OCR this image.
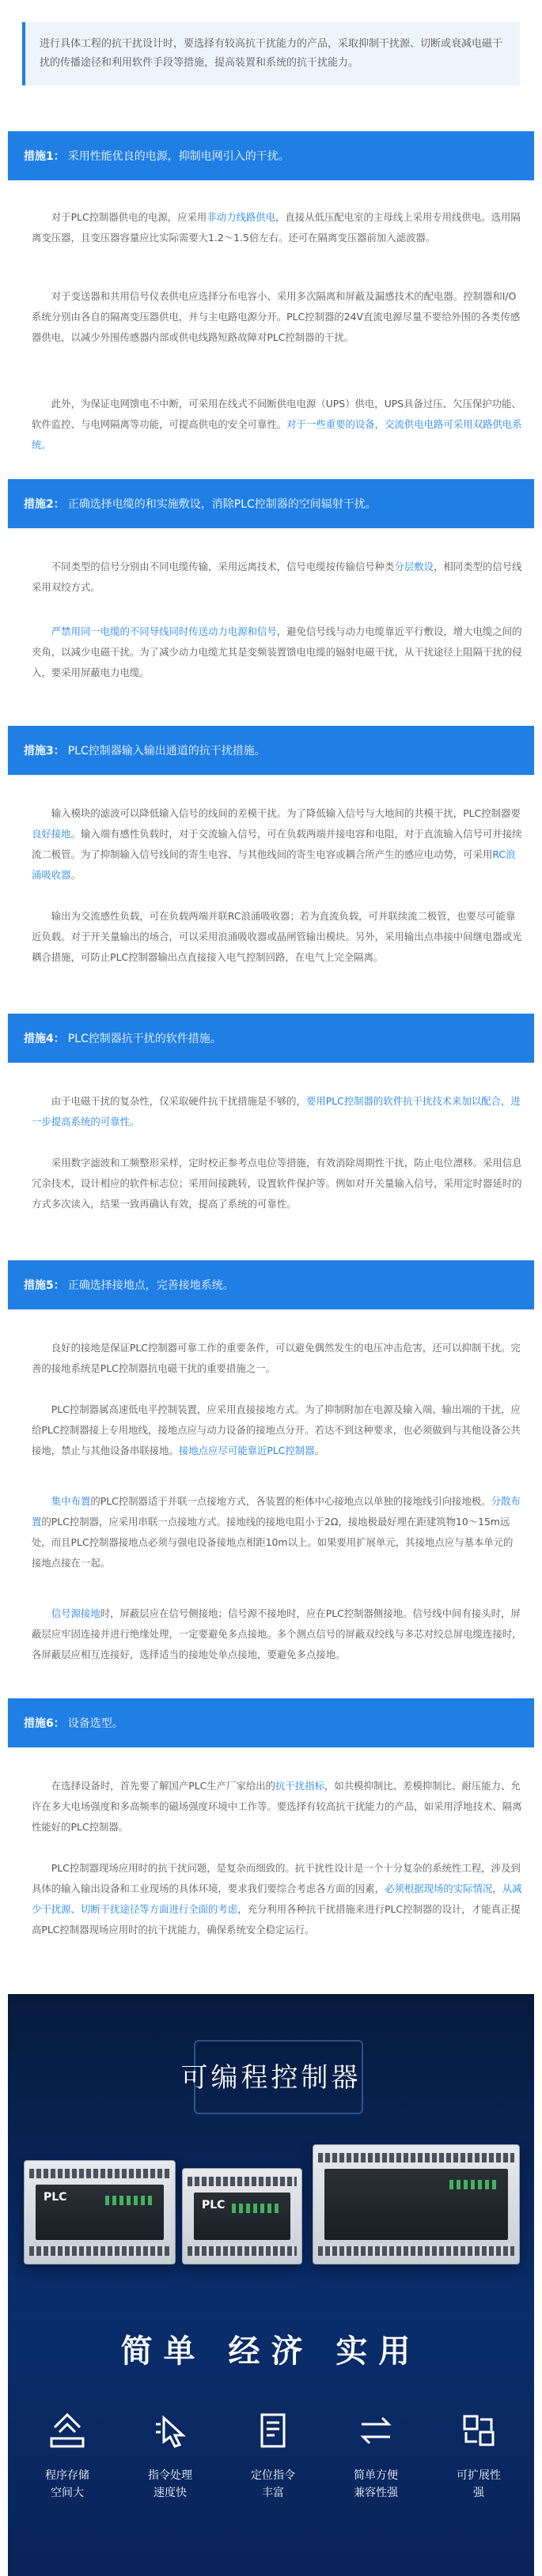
进行具体工程的抗干扰设计时，要选择有较高抗干扰能力的产品，采取抑制干扰源、切断或衰减电磁干扰的传播途径和利用软件手段等措施，提高装置和系统的抗干扰能力。
措施1： 采用性能优良的电源，抑制电网引入的干扰。

对于PLC控制器供电的电源，应采用非动力线路供电，直接从低压配电室的主母线上采用专用线供电。选用隔离变压器，且变压器容量应比实际需要大1.2～1.5倍左右。还可在隔离变压器前加入滤波器。

对于变送器和共用信号仪表供电应选择分布电容小、采用多次隔离和屏蔽及漏感技术的配电器。控制器和I/O系统分别由各自的隔离变压器供电，并与主电路电源分开。PLC控制器的24V直流电源尽量不要给外围的各类传感器供电，以减少外围传感器内部或供电线路短路故障对PLC控制器的干扰。

此外，为保证电网馈电不中断，可采用在线式不间断供电电源（UPS）供电，UPS具备过压、欠压保护功能、软件监控、与电网隔离等功能，可提高供电的安全可靠性。对于一些重要的设备，交流供电电路可采用双路供电系统。

措施2： 正确选择电缆的和实施敷设，消除PLC控制器的空间辐射干扰。

不同类型的信号分别由不同电缆传输，采用远离技术，信号电缆按传输信号种类分层敷设，相同类型的信号线采用双绞方式。

严禁用同一电缆的不同导线同时传送动力电源和信号，避免信号线与动力电缆靠近平行敷设，增大电缆之间的夹角，以减少电磁干扰。为了减少动力电缆尤其是变频装置馈电电缆的辐射电磁干扰，从干扰途径上阻隔干扰的侵入，要采用屏蔽电力电缆。

措施3： PLC控制器输入输出通道的抗干扰措施。

输入模块的滤波可以降低输入信号的线间的差模干扰。为了降低输入信号与大地间的共模干扰，PLC控制器要良好接地。输入端有感性负载时，对于交流输入信号，可在负载两端并接电容和电阻，对于直流输入信号可并接续流二极管。为了抑制输入信号线间的寄生电容、与其他线间的寄生电容或耦合所产生的感应电动势，可采用RC浪涌吸收器。

输出为交流感性负载，可在负载两端并联RC浪涌吸收器；若为直流负载，可并联续流二极管，也要尽可能靠近负载。对于开关量输出的场合，可以采用浪涌吸收器或晶闸管输出模块。另外，采用输出点串接中间继电器或光耦合措施，可防止PLC控制器输出点直接接入电气控制回路，在电气上完全隔离。

措施4： PLC控制器抗干扰的软件措施。

由于电磁干扰的复杂性，仅采取硬件抗干扰措施是不够的，要用PLC控制器的软件抗干扰技术来加以配合，进一步提高系统的可靠性。

采用数字滤波和工频整形采样，定时校正参考点电位等措施，有效消除周期性干扰，防止电位漂移。采用信息冗余技术，设计相应的软件标志位；采用间接跳转，设置软件保护等。例如对开关量输入信号，采用定时器延时的方式多次读入，结果一致再确认有效，提高了系统的可靠性。

措施5： 正确选择接地点，完善接地系统。

良好的接地是保证PLC控制器可靠工作的重要条件，可以避免偶然发生的电压冲击危害，还可以抑制干扰。完善的接地系统是PLC控制器抗电磁干扰的重要措施之一。

PLC控制器属高速低电平控制装置，应采用直接接地方式。为了抑制附加在电源及输入端、输出端的干扰，应给PLC控制器接上专用地线，接地点应与动力设备的接地点分开。若达不到这种要求，也必须做到与其他设备公共接地，禁止与其他设备串联接地。接地点应尽可能靠近PLC控制器。

集中布置的PLC控制器适于并联一点接地方式，各装置的柜体中心接地点以单独的接地线引向接地极。分散布置的PLC控制器，应采用串联一点接地方式。接地线的接地电阻小于2Ω，接地极最好埋在距建筑物10～15m远处，而且PLC控制器接地点必须与强电设备接地点相距10m以上。如果要用扩展单元，其接地点应与基本单元的接地点接在一起。

信号源接地时，屏蔽层应在信号侧接地；信号源不接地时，应在PLC控制器侧接地。信号线中间有接头时，屏蔽层应牢固连接并进行绝缘处理，一定要避免多点接地。多个测点信号的屏蔽双绞线与多芯对绞总屏电缆连接时，各屏蔽层应相互连接好，选择适当的接地处单点接地，要避免多点接地。

措施6： 设备选型。

在选择设备时，首先要了解国产PLC生产厂家给出的抗干扰指标，如共模抑制比、差模抑制比、耐压能力、允许在多大电场强度和多高频率的磁场强度环境中工作等。要选择有较高抗干扰能力的产品，如采用浮地技术、隔离性能好的PLC控制器。

PLC控制器现场应用时的抗干扰问题，是复杂而细致的。抗干扰性设计是一个十分复杂的系统性工程，涉及到具体的输入输出设备和工业现场的具体环境，要求我们要综合考虑各方面的因素，必须根据现场的实际情况，从减少干扰源、切断干扰途径等方面进行全面的考虑，充分利用各种抗干扰措施来进行PLC控制器的设计，才能真正提高PLC控制器现场应用时的抗干扰能力，确保系统安全稳定运行。

可编程控制器
PLC
PLC
简单 经济 实用
程序存储
空间大
指令处理
速度快
定位指令
丰富
简单方便
兼容性强
可扩展性
强
